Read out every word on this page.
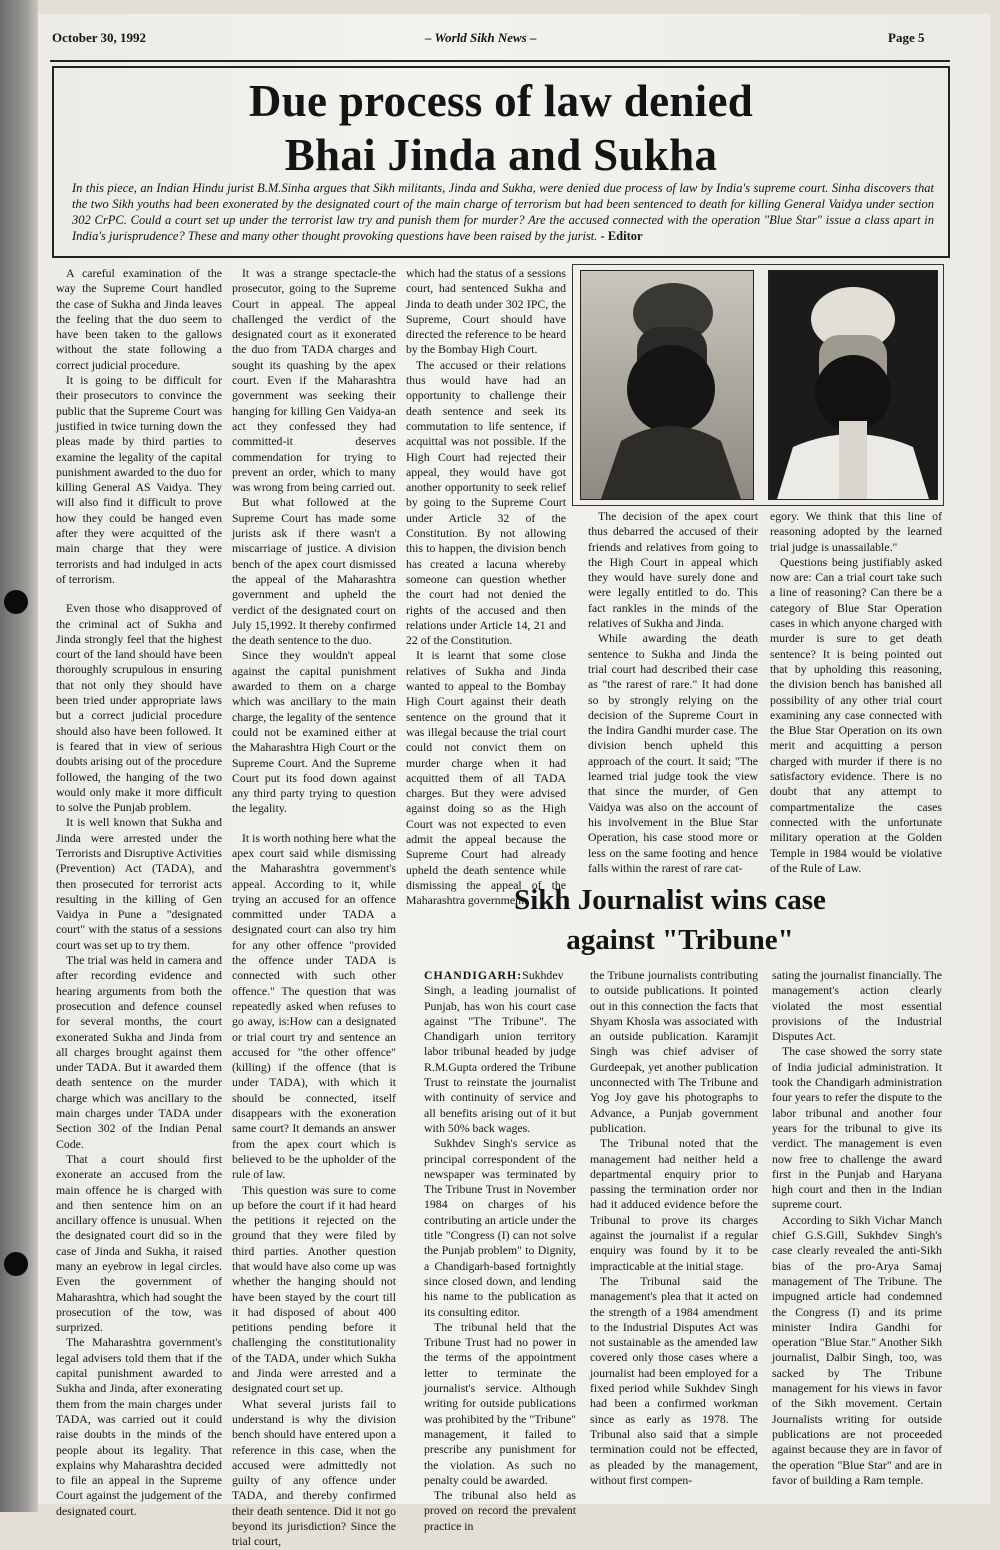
October 30, 1992	– World Sikh News –	Page 5
Due process of law denied
Bhai Jinda and Sukha
In this piece, an Indian Hindu jurist B.M.Sinha argues that Sikh militants, Jinda and Sukha, were denied due process of law by India's supreme court. Sinha discovers that the two Sikh youths had been exonerated by the designated court of the main charge of terrorism but had been sentenced to death for killing General Vaidya under section 302 CrPC. Could a court set up under the terrorist law try and punish them for murder? Are the accused connected with the operation "Blue Star" issue a class apart in India's jurisprudence? These and many other thought provoking questions have been raised by the jurist. - Editor

A careful examination of the way the Supreme Court handled the case of Sukha and Jinda leaves the feeling that the duo seem to have been taken to the gallows without the state following a correct judicial procedure.

It is going to be difficult for their prosecutors to convince the public that the Supreme Court was justified in twice turning down the pleas made by third parties to examine the legality of the capital punishment awarded to the duo for killing General AS Vaidya. They will also find it difficult to prove how they could be hanged even after they were acquitted of the main charge that they were terrorists and had indulged in acts of terrorism.

Even those who disapproved of the criminal act of Sukha and Jinda strongly feel that the highest court of the land should have been thoroughly scrupulous in ensuring that not only they should have been tried under appropriate laws but a correct judicial procedure should also have been followed. It is feared that in view of serious doubts arising out of the procedure followed, the hanging of the two would only make it more difficult to solve the Punjab problem.

It is well known that Sukha and Jinda were arrested under the Terrorists and Disruptive Activities (Prevention) Act (TADA), and then prosecuted for terrorist acts resulting in the killing of Gen Vaidya in Pune a "designated court" with the status of a sessions court was set up to try them.

The trial was held in camera and after recording evidence and hearing arguments from both the prosecution and defence counsel for several months, the court exonerated Sukha and Jinda from all charges brought against them under TADA. But it awarded them death sentence on the murder charge which was ancillary to the main charges under TADA under Section 302 of the Indian Penal Code.

That a court should first exonerate an accused from the main offence he is charged with and then sentence him on an ancillary offence is unusual. When the designated court did so in the case of Jinda and Sukha, it raised many an eyebrow in legal circles. Even the government of Maharashtra, which had sought the prosecution of the tow, was surprized.

The Maharashtra government's legal advisers told them that if the capital punishment awarded to Sukha and Jinda, after exonerating them from the main charges under TADA, was carried out it could raise doubts in the minds of the people about its legality. That explains why Maharashtra decided to file an appeal in the Supreme Court against the judgement of the designated court.

It was a strange spectacle-the prosecutor, going to the Supreme Court in appeal. The appeal challenged the verdict of the designated court as it exonerated the duo from TADA charges and sought its quashing by the apex court. Even if the Maharashtra government was seeking their hanging for killing Gen Vaidya-an act they confessed they had committed-it deserves commendation for trying to prevent an order, which to many was wrong from being carried out.

But what followed at the Supreme Court has made some jurists ask if there wasn't a miscarriage of justice. A division bench of the apex court dismissed the appeal of the Maharashtra government and upheld the verdict of the designated court on July 15,1992. It thereby confirmed the death sentence to the duo.

Since they wouldn't appeal against the capital punishment awarded to them on a charge which was ancillary to the main charge, the legality of the sentence could not be examined either at the Maharashtra High Court or the Supreme Court. And the Supreme Court put its food down against any third party trying to question the legality.

It is worth nothing here what the apex court said while dismissing the Maharashtra government's appeal. According to it, while trying an accused for an offence committed under TADA a designated court can also try him for any other offence "provided the offence under TADA is connected with such other offence." The question that was repeatedly asked when refuses to go away, is:How can a designated or trial court try and sentence an accused for "the other offence" (killing) if the offence (that is under TADA), with which it should be connected, itself disappears with the exoneration same court? It demands an answer from the apex court which is believed to be the upholder of the rule of law.

This question was sure to come up before the court if it had heard the petitions it rejected on the ground that they were filed by third parties. Another question that would have also come up was whether the hanging should not have been stayed by the court till it had disposed of about 400 petitions pending before it challenging the constitutionality of the TADA, under which Sukha and Jinda were arrested and a designated court set up.

What several jurists fail to understand is why the division bench should have entered upon a reference in this case, when the accused were admittedly not guilty of any offence under TADA, and thereby confirmed their death sentence. Did it not go beyond its jurisdiction? Since the trial court,

which had the status of a sessions court, had sentenced Sukha and Jinda to death under 302 IPC, the Supreme, Court should have directed the reference to be heard by the Bombay High Court.

The accused or their relations thus would have had an opportunity to challenge their death sentence and seek its commutation to life sentence, if acquittal was not possible. If the High Court had rejected their appeal, they would have got another opportunity to seek relief by going to the Supreme Court under Article 32 of the Constitution. By not allowing this to happen, the division bench has created a lacuna whereby someone can question whether the court had not denied the rights of the accused and then relations under Article 14, 21 and 22 of the Constitution.

It is learnt that some close relatives of Sukha and Jinda wanted to appeal to the Bombay High Court against their death sentence on the ground that it was illegal because the trial court could not convict them on murder charge when it had acquitted them of all TADA charges. But they were advised against doing so as the High Court was not expected to even admit the appeal because the Supreme Court had already upheld the death sentence while dismissing the appeal of the Maharashtra government.

The decision of the apex court thus debarred the accused of their friends and relatives from going to the High Court in appeal which they would have surely done and were legally entitled to do. This fact rankles in the minds of the relatives of Sukha and Jinda.

While awarding the death sentence to Sukha and Jinda the trial court had described their case as "the rarest of rare." It had done so by strongly relying on the decision of the Supreme Court in the Indira Gandhi murder case. The division bench upheld this approach of the court. It said; "The learned trial judge took the view that since the murder, of Gen Vaidya was also on the account of his involvement in the Blue Star Operation, his case stood more or less on the same footing and hence falls within the rarest of rare cat-

egory. We think that this line of reasoning adopted by the learned trial judge is unassailable."

Questions being justifiably asked now are: Can a trial court take such a line of reasoning? Can there be a category of Blue Star Operation cases in which anyone charged with murder is sure to get death sentence? It is being pointed out that by upholding this reasoning, the division bench has banished all possibility of any other trial court examining any case connected with the Blue Star Operation on its own merit and acquitting a person charged with murder if there is no satisfactory evidence. There is no doubt that any attempt to compartmentalize the cases connected with the unfortunate military operation at the Golden Temple in 1984 would be violative of the Rule of Law.

Sikh Journalist wins case
against "Tribune"

CHANDIGARH:Sukhdev Singh, a leading journalist of Punjab, has won his court case against "The Tribune". The Chandigarh union territory labor tribunal headed by judge R.M.Gupta ordered the Tribune Trust to reinstate the journalist with continuity of service and all benefits arising out of it but with 50% back wages.

Sukhdev Singh's service as principal correspondent of the newspaper was terminated by The Tribune Trust in November 1984 on charges of his contributing an article under the title "Congress (I) can not solve the Punjab problem" to Dignity, a Chandigarh-based fortnightly since closed down, and lending his name to the publication as its consulting editor.

The tribunal held that the Tribune Trust had no power in the terms of the appointment letter to terminate the journalist's service. Although writing for outside publications was prohibited by the "Tribune" management, it failed to prescribe any punishment for the violation. As such no penalty could be awarded.

The tribunal also held as proved on record the prevalent practice in

the Tribune journalists contributing to outside publications. It pointed out in this connection the facts that Shyam Khosla was associated with an outside publication. Karamjit Singh was chief adviser of Gurdeepak, yet another publication unconnected with The Tribune and Yog Joy gave his photographs to Advance, a Punjab government publication.

The Tribunal noted that the management had neither held a departmental enquiry prior to passing the termination order nor had it adduced evidence before the Tribunal to prove its charges against the journalist if a regular enquiry was found by it to be impracticable at the initial stage.

The Tribunal said the management's plea that it acted on the strength of a 1984 amendment to the Industrial Disputes Act was not sustainable as the amended law covered only those cases where a journalist had been employed for a fixed period while Sukhdev Singh had been a confirmed workman since as early as 1978. The Tribunal also said that a simple termination could not be effected, as pleaded by the management, without first compen-

sating the journalist financially. The management's action clearly violated the most essential provisions of the Industrial Disputes Act.

The case showed the sorry state of India judicial administration. It took the Chandigarh administration four years to refer the dispute to the labor tribunal and another four years for the tribunal to give its verdict. The management is even now free to challenge the award first in the Punjab and Haryana high court and then in the Indian supreme court.

According to Sikh Vichar Manch chief G.S.Gill, Sukhdev Singh's case clearly revealed the anti-Sikh bias of the pro-Arya Samaj management of The Tribune. The impugned article had condemned the Congress (I) and its prime minister Indira Gandhi for operation "Blue Star." Another Sikh journalist, Dalbir Singh, too, was sacked by The Tribune management for his views in favor of the Sikh movement. Certain Journalists writing for outside publications are not proceeded against because they are in favor of the operation "Blue Star" and are in favor of building a Ram temple.
